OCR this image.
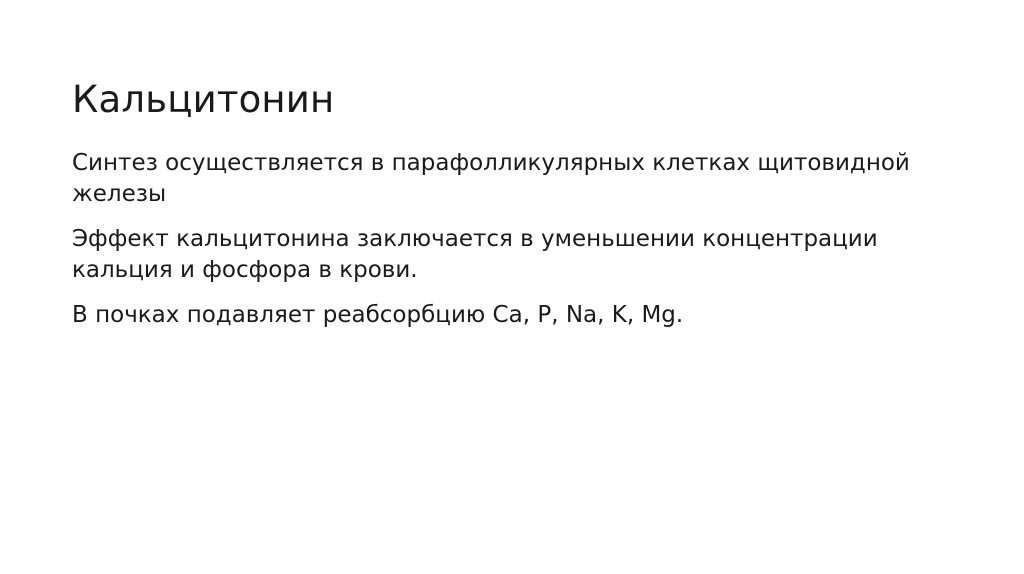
Кальцитонин

Синтез осуществляется в парафолликулярных клетках щитовидной железы

Эффект кальцитонина заключается в уменьшении концентрации кальция и фосфора в крови.

В почках подавляет реабсорбцию Ca, P, Na, K, Mg.
